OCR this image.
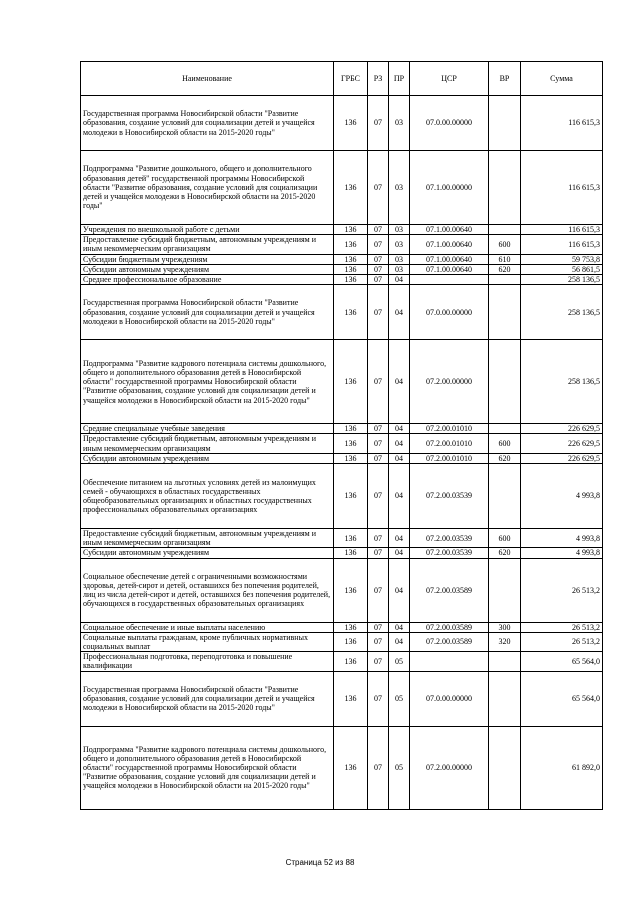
Наименование	ГРБС	РЗ	ПР	ЦСР	ВР	Сумма
Государственная программа Новосибирской области "Развитие образования, создание условий для социализации детей и учащейся молодежи в Новосибирской области на 2015-2020 годы"	136	07	03	07.0.00.00000		116 615,3
Подпрограмма "Развитие дошкольного, общего и дополнительного образования детей" государственной программы Новосибирской области "Развитие образования, создание условий для социализации детей и учащейся молодежи в Новосибирской области на 2015-2020 годы"	136	07	03	07.1.00.00000		116 615,3
Учреждения по внешкольной работе с детьми	136	07	03	07.1.00.00640		116 615,3
Предоставление субсидий бюджетным, автономным учреждениям и иным некоммерческим организациям	136	07	03	07.1.00.00640	600	116 615,3
Субсидии бюджетным учреждениям	136	07	03	07.1.00.00640	610	59 753,8
Субсидии автономным учреждениям	136	07	03	07.1.00.00640	620	56 861,5
Среднее профессиональное образование	136	07	04			258 136,5
Государственная программа Новосибирской области "Развитие образования, создание условий для социализации детей и учащейся молодежи в Новосибирской области на 2015-2020 годы"	136	07	04	07.0.00.00000		258 136,5
Подпрограмма "Развитие кадрового потенциала системы дошкольного, общего и дополнительного образования детей в Новосибирской области" государственной программы Новосибирской области "Развитие образования, создание условий для социализации детей и учащейся молодежи в Новосибирской области на 2015-2020 годы"	136	07	04	07.2.00.00000		258 136,5
Средние специальные учебные заведения	136	07	04	07.2.00.01010		226 629,5
Предоставление субсидий бюджетным, автономным учреждениям и иным некоммерческим организациям	136	07	04	07.2.00.01010	600	226 629,5
Субсидии автономным учреждениям	136	07	04	07.2.00.01010	620	226 629,5
Обеспечение питанием на льготных условиях детей из малоимущих семей - обучающихся в областных государственных общеобразовательных организациях и областных государственных профессиональных образовательных организациях	136	07	04	07.2.00.03539		4 993,8
Предоставление субсидий бюджетным, автономным учреждениям и иным некоммерческим организациям	136	07	04	07.2.00.03539	600	4 993,8
Субсидии автономным учреждениям	136	07	04	07.2.00.03539	620	4 993,8
Социальное обеспечение детей с ограниченными возможностями здоровья, детей-сирот и детей, оставшихся без попечения родителей, лиц из числа детей-сирот и детей, оставшихся без попечения родителей, обучающихся в государственных образовательных организациях	136	07	04	07.2.00.03589		26 513,2
Социальное обеспечение и иные выплаты населению	136	07	04	07.2.00.03589	300	26 513,2
Социальные выплаты гражданам, кроме публичных нормативных социальных выплат	136	07	04	07.2.00.03589	320	26 513,2
Профессиональная подготовка, переподготовка и повышение квалификации	136	07	05			65 564,0
Государственная программа Новосибирской области "Развитие образования, создание условий для социализации детей и учащейся молодежи в Новосибирской области на 2015-2020 годы"	136	07	05	07.0.00.00000		65 564,0
Подпрограмма "Развитие кадрового потенциала системы дошкольного, общего и дополнительного образования детей в Новосибирской области" государственной программы Новосибирской области "Развитие образования, создание условий для социализации детей и учащейся молодежи в Новосибирской области на 2015-2020 годы"	136	07	05	07.2.00.00000		61 892,0
Страница 52 из 88
